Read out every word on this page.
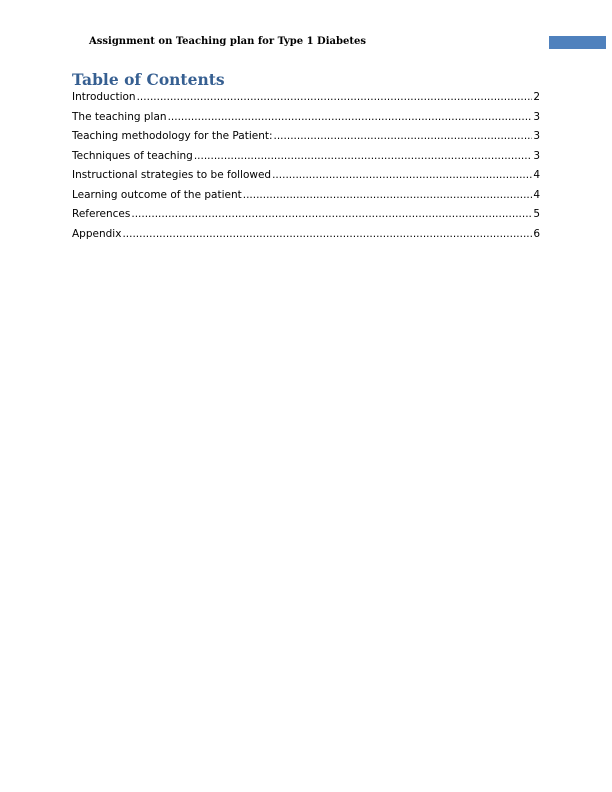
Assignment on Teaching plan for Type 1 Diabetes
Table of Contents
Introduction .....	2
The teaching plan .....	3
Teaching methodology for the Patient: .....	3
Techniques of teaching .....	3
Instructional strategies to be followed .....	4
Learning outcome of the patient .....	4
References .....	5
Appendix .....	6
